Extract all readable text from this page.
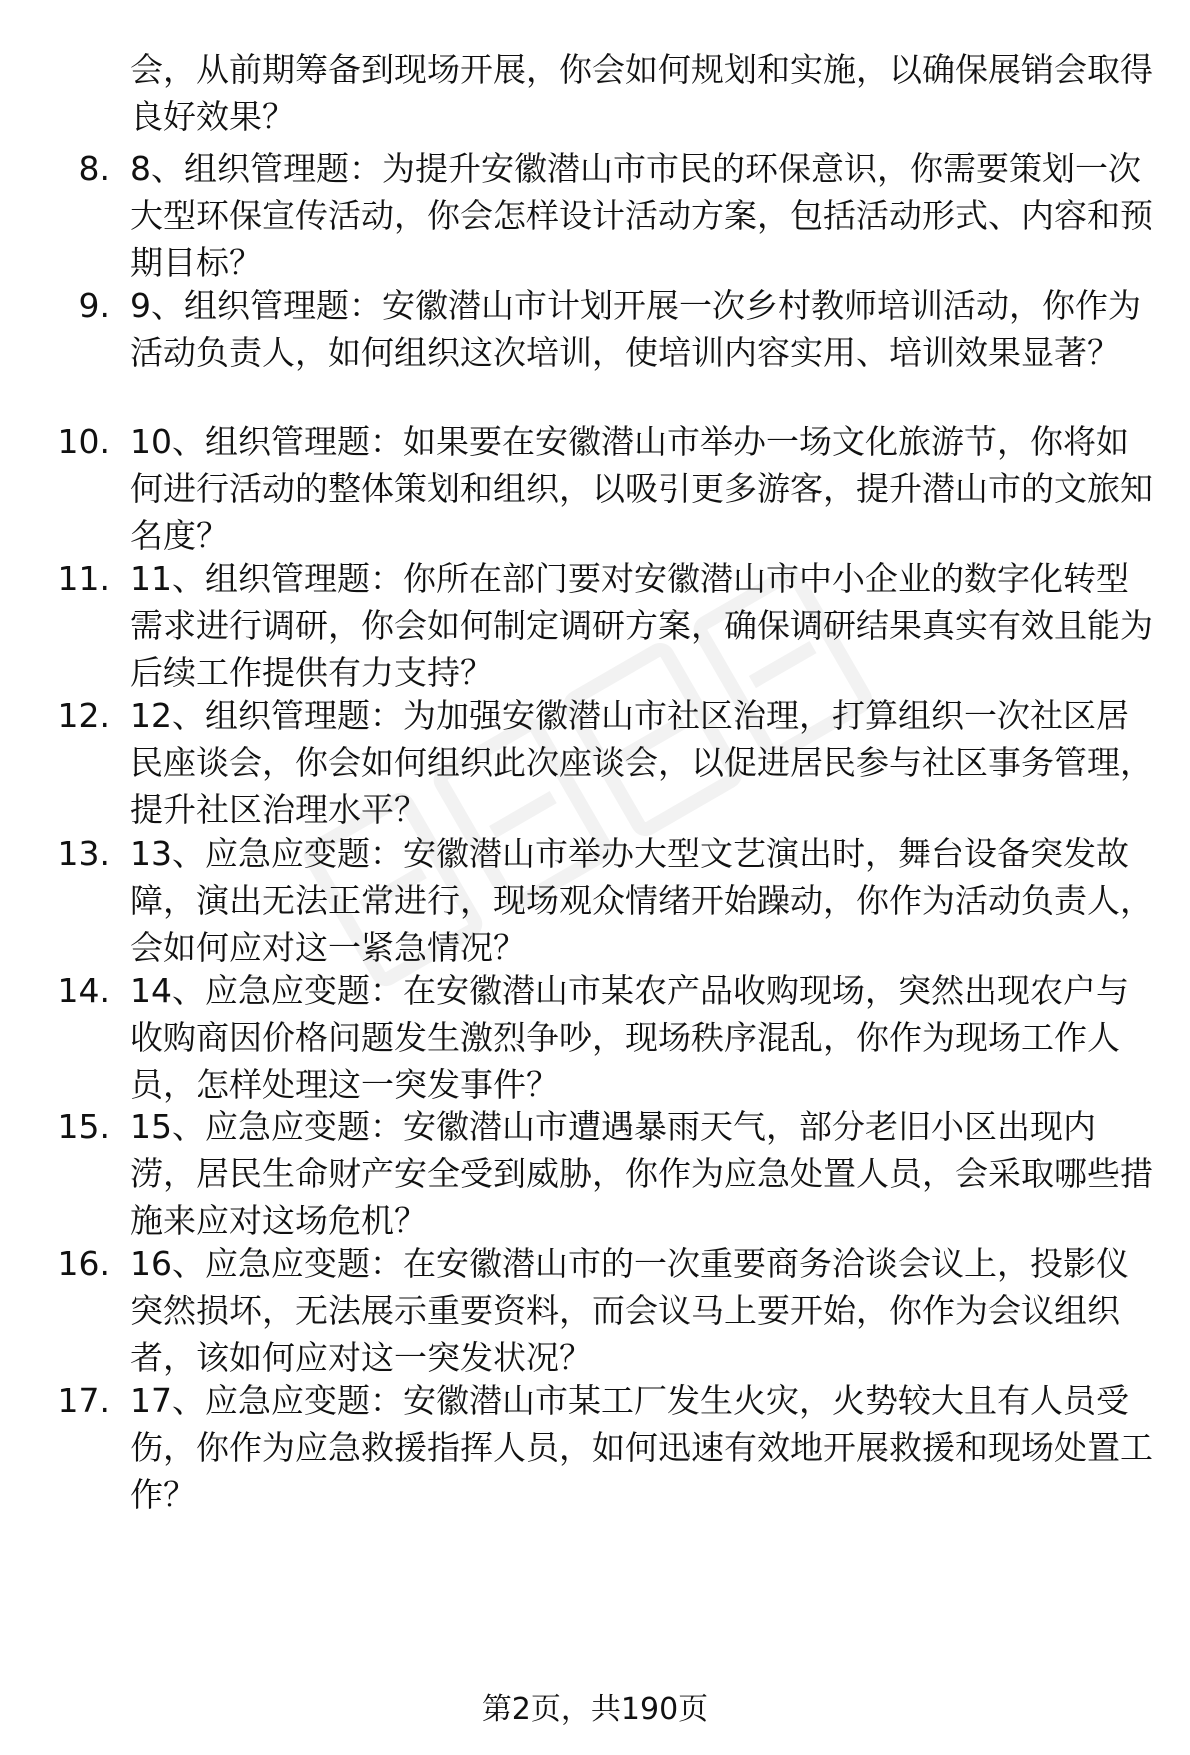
会，从前期筹备到现场开展，你会如何规划和实施，以确保展销会取得良好效果？

8. 8、组织管理题：为提升安徽潜山市市民的环保意识，你需要策划一次大型环保宣传活动，你会怎样设计活动方案，包括活动形式、内容和预期目标？

9. 9、组织管理题：安徽潜山市计划开展一次乡村教师培训活动，你作为活动负责人，如何组织这次培训，使培训内容实用、培训效果显著？

10. 10、组织管理题：如果要在安徽潜山市举办一场文化旅游节，你将如何进行活动的整体策划和组织，以吸引更多游客，提升潜山市的文旅知名度？

11. 11、组织管理题：你所在部门要对安徽潜山市中小企业的数字化转型需求进行调研，你会如何制定调研方案，确保调研结果真实有效且能为后续工作提供有力支持？

12. 12、组织管理题：为加强安徽潜山市社区治理，打算组织一次社区居民座谈会，你会如何组织此次座谈会，以促进居民参与社区事务管理，提升社区治理水平？

13. 13、应急应变题：安徽潜山市举办大型文艺演出时，舞台设备突发故障，演出无法正常进行，现场观众情绪开始躁动，你作为活动负责人，会如何应对这一紧急情况？

14. 14、应急应变题：在安徽潜山市某农产品收购现场，突然出现农户与收购商因价格问题发生激烈争吵，现场秩序混乱，你作为现场工作人员，怎样处理这一突发事件？

15. 15、应急应变题：安徽潜山市遭遇暴雨天气，部分老旧小区出现内涝，居民生命财产安全受到威胁，你作为应急处置人员，会采取哪些措施来应对这场危机？

16. 16、应急应变题：在安徽潜山市的一次重要商务洽谈会议上，投影仪突然损坏，无法展示重要资料，而会议马上要开始，你作为会议组织者，该如何应对这一突发状况？

17. 17、应急应变题：安徽潜山市某工厂发生火灾，火势较大且有人员受伤，你作为应急救援指挥人员，如何迅速有效地开展救援和现场处置工作？

第2页，共190页
